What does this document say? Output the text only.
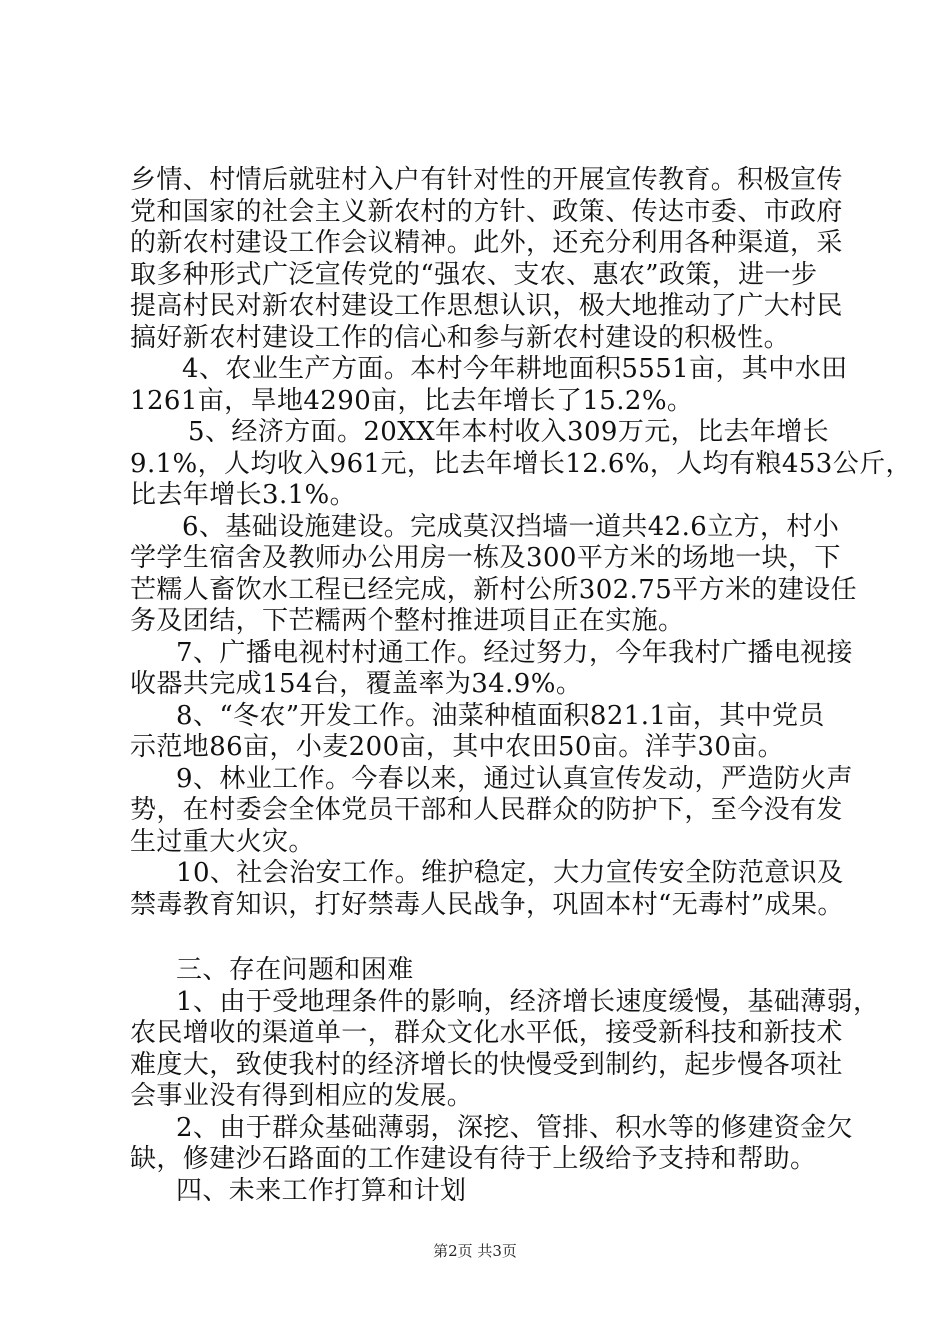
乡情、村情后就驻村入户有针对性的开展宣传教育。积极宣传
党和国家的社会主义新农村的方针、政策、传达市委、市政府
的新农村建设工作会议精神。此外，还充分利用各种渠道，采
取多种形式广泛宣传党的“强农、支农、惠农”政策，进一步
提高村民对新农村建设工作思想认识，极大地推动了广大村民
搞好新农村建设工作的信心和参与新农村建设的积极性。
4、农业生产方面。本村今年耕地面积5551亩，其中水田
1261亩，旱地4290亩，比去年增长了15.2%。
5、经济方面。20XX年本村收入309万元，比去年增长
9.1%，人均收入961元，比去年增长12.6%，人均有粮453公斤，
比去年增长3.1%。
6、基础设施建设。完成莫汉挡墙一道共42.6立方，村小
学学生宿舍及教师办公用房一栋及300平方米的场地一块，下
芒糯人畜饮水工程已经完成，新村公所302.75平方米的建设任
务及团结，下芒糯两个整村推进项目正在实施。
7、广播电视村村通工作。经过努力，今年我村广播电视接
收器共完成154台，覆盖率为34.9%。
8、“冬农”开发工作。油菜种植面积821.1亩，其中党员
示范地86亩，小麦200亩，其中农田50亩。洋芋30亩。
9、林业工作。今春以来，通过认真宣传发动，严造防火声
势，在村委会全体党员干部和人民群众的防护下，至今没有发
生过重大火灾。
10、社会治安工作。维护稳定，大力宣传安全防范意识及
禁毒教育知识，打好禁毒人民战争，巩固本村“无毒村”成果。
三、存在问题和困难
1、由于受地理条件的影响，经济增长速度缓慢，基础薄弱，
农民增收的渠道单一，群众文化水平低，接受新科技和新技术
难度大，致使我村的经济增长的快慢受到制约，起步慢各项社
会事业没有得到相应的发展。
2、由于群众基础薄弱，深挖、管排、积水等的修建资金欠
缺，修建沙石路面的工作建设有待于上级给予支持和帮助。
四、未来工作打算和计划
第2页 共3页
